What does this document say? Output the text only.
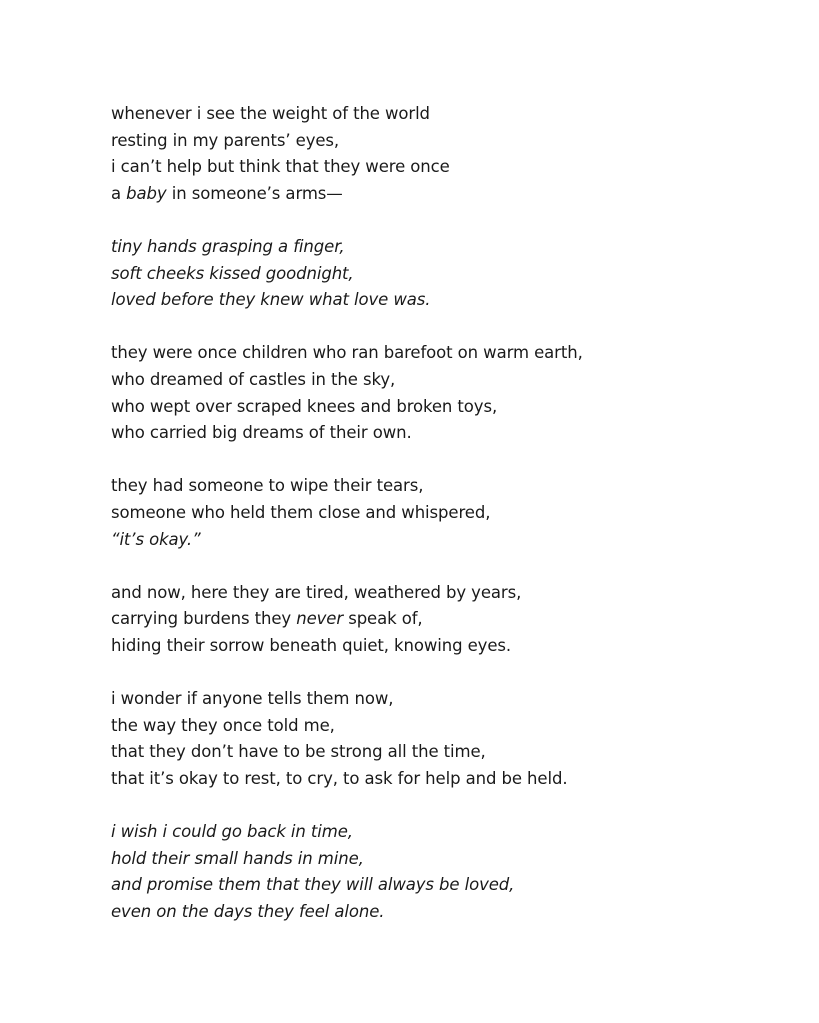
whenever i see the weight of the world
resting in my parents’ eyes,
i can’t help but think that they were once
a baby in someone’s arms—
tiny hands grasping a finger,
soft cheeks kissed goodnight,
loved before they knew what love was.
they were once children who ran barefoot on warm earth,
who dreamed of castles in the sky,
who wept over scraped knees and broken toys,
who carried big dreams of their own.
they had someone to wipe their tears,
someone who held them close and whispered,
“it’s okay.”
and now, here they are tired, weathered by years,
carrying burdens they never speak of,
hiding their sorrow beneath quiet, knowing eyes.
i wonder if anyone tells them now,
the way they once told me,
that they don’t have to be strong all the time,
that it’s okay to rest, to cry, to ask for help and be held.
i wish i could go back in time,
hold their small hands in mine,
and promise them that they will always be loved,
even on the days they feel alone.
